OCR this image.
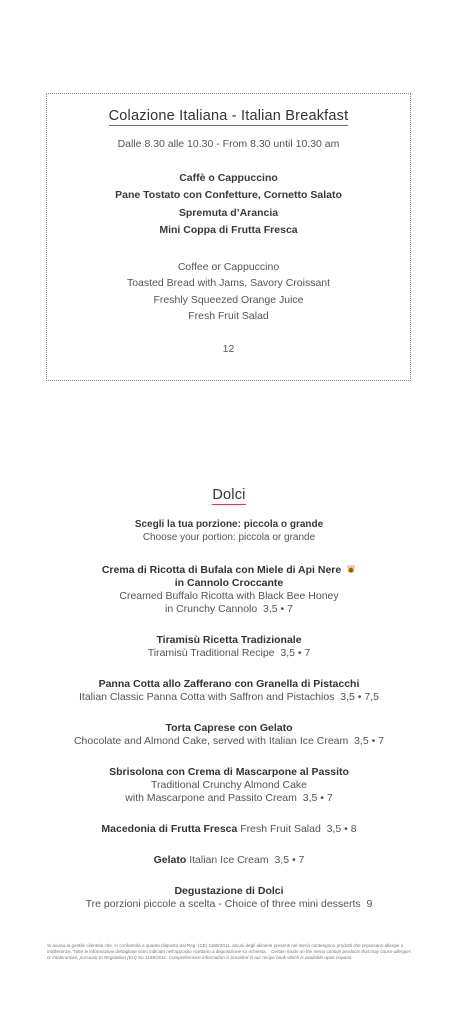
Colazione Italiana - Italian Breakfast
Dalle 8.30 alle 10.30 - From 8.30 until 10.30 am
Caffè o Cappuccino
Pane Tostato con Confetture, Cornetto Salato
Spremuta d’Arancia
Mini Coppa di Frutta Fresca
Coffee or Cappuccino
Toasted Bread with Jams, Savory Croissant
Freshly Squeezed Orange Juice
Fresh Fruit Salad
12
Dolci
Scegli la tua porzione: piccola o grande
Choose your portion: piccola or grande
Crema di Ricotta di Bufala con Miele di Api Nere
in Cannolo Croccante
Creamed Buffalo Ricotta with Black Bee Honey
in Crunchy Cannolo 3,5 • 7
Tiramisù Ricetta Tradizionale
Tiramisù Traditional Recipe 3,5 • 7
Panna Cotta allo Zafferano con Granella di Pistacchi
Italian Classic Panna Cotta with Saffron and Pistachios 3,5 • 7,5
Torta Caprese con Gelato
Chocolate and Almond Cake, served with Italian Ice Cream 3,5 • 7
Sbrisolona con Crema di Mascarpone al Passito
Traditional Crunchy Almond Cake
with Mascarpone and Passito Cream 3,5 • 7
Macedonia di Frutta Fresca Fresh Fruit Salad 3,5 • 8
Gelato Italian Ice Cream 3,5 • 7
Degustazione di Dolci
Tre porzioni piccole a scelta - Choice of three mini desserts 9
Si avvisa la gentile clientela che, in conformità a quanto disposto dal Reg. (CE) 1169/2011, alcuni degli alimenti presenti nel menù contengono prodotti che provocano allergie o intolleranze. Tutte le informazioni dettagliate sono indicate nell’apposito ricettario a disposizione su richiesta. - Certain foods on the menu contain products that may cause allergies or intolerances, pursuant to Regulation (EU) No 1169/2011. Comprehensive information is provided in our recipe book which is available upon request.
